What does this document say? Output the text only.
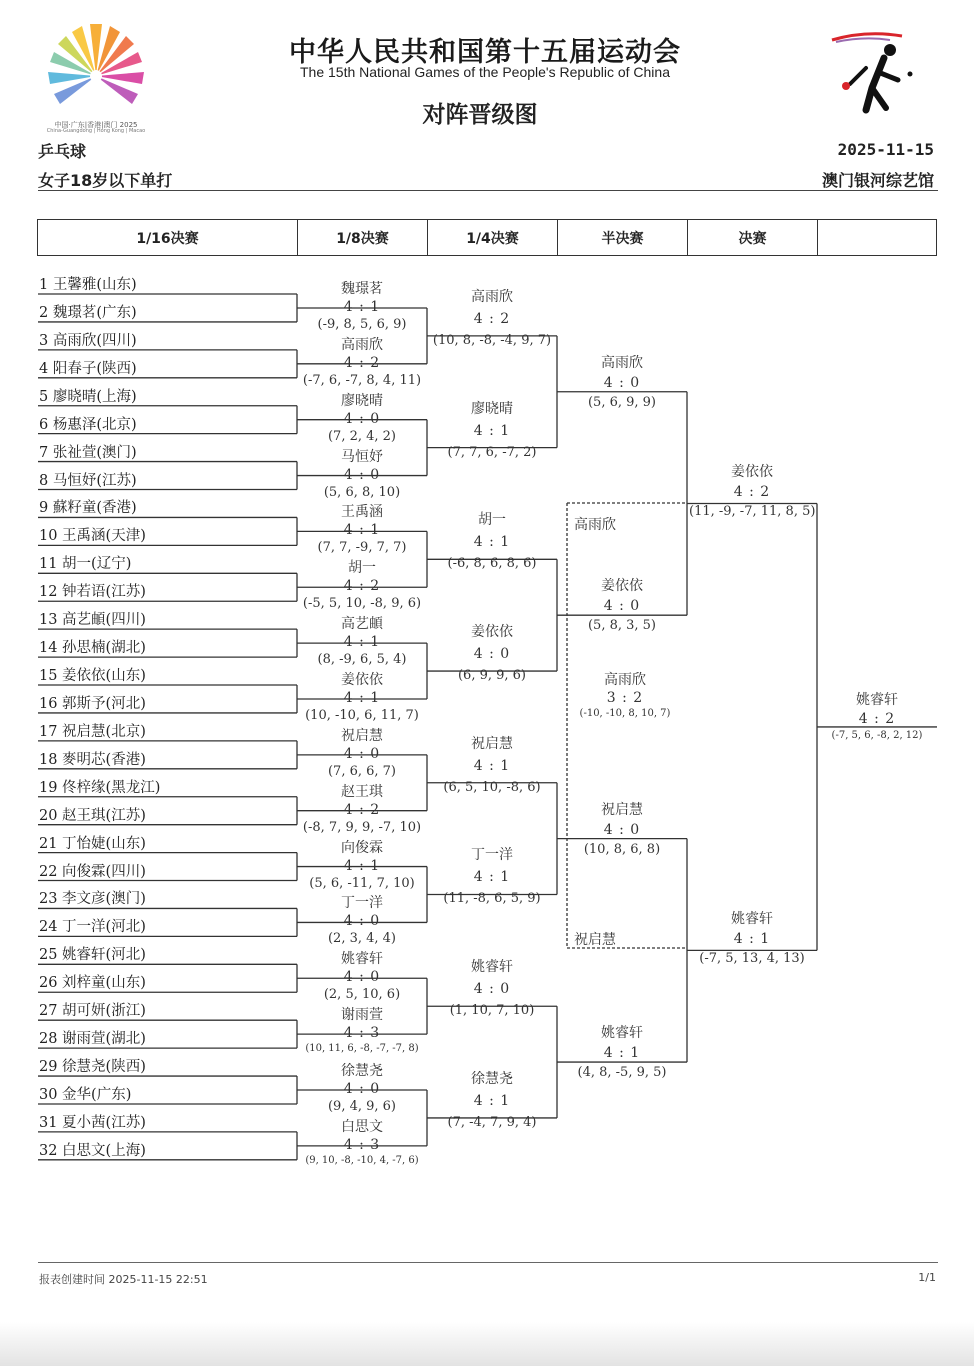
中国·广东|香港|澳门 2025
China-Guangdong | Hong Kong | Macao
中华人民共和国第十五届运动会
The 15th National Games of the People's Republic of China
对阵晋级图
乒乓球
女子18岁以下单打
2025-11-15
澳门银河综艺馆
1/16决赛	1/8决赛	1/4决赛	半决赛	决赛
1 王馨雅(山东)
2 魏璟茗(广东)
3 高雨欣(四川)
4 阳春子(陕西)
5 廖晓晴(上海)
6 杨惠泽(北京)
7 张祉萱(澳门)
8 马恒妤(江苏)
9 蘇籽童(香港)
10 王禹涵(天津)
11 胡一(辽宁)
12 钟若语(江苏)
13 高艺頔(四川)
14 孙思楠(湖北)
15 姜依依(山东)
16 郭斯予(河北)
17 祝启慧(北京)
18 麥明芯(香港)
19 佟梓缘(黑龙江)
20 赵王琪(江苏)
21 丁怡婕(山东)
22 向俊霖(四川)
23 李文彦(澳门)
24 丁一洋(河北)
25 姚睿轩(河北)
26 刘梓童(山东)
27 胡可妍(浙江)
28 谢雨萱(湖北)
29 徐慧尧(陕西)
30 金华(广东)
31 夏小茜(江苏)
32 白思文(上海)
魏璟茗
4 : 1
(-9, 8, 5, 6, 9)
高雨欣
4 : 2
(-7, 6, -7, 8, 4, 11)
廖晓晴
4 : 0
(7, 2, 4, 2)
马恒妤
4 : 0
(5, 6, 8, 10)
王禹涵
4 : 1
(7, 7, -9, 7, 7)
胡一
4 : 2
(-5, 5, 10, -8, 9, 6)
高艺頔
4 : 1
(8, -9, 6, 5, 4)
姜依依
4 : 1
(10, -10, 6, 11, 7)
祝启慧
4 : 0
(7, 6, 6, 7)
赵王琪
4 : 2
(-8, 7, 9, 9, -7, 10)
向俊霖
4 : 1
(5, 6, -11, 7, 10)
丁一洋
4 : 0
(2, 3, 4, 4)
姚睿轩
4 : 0
(2, 5, 10, 6)
谢雨萱
4 : 3
(10, 11, 6, -8, -7, -7, 8)
徐慧尧
4 : 0
(9, 4, 9, 6)
白思文
4 : 3
(9, 10, -8, -10, 4, -7, 6)
高雨欣
4 : 2
(10, 8, -8, -4, 9, 7)
廖晓晴
4 : 1
(7, 7, 6, -7, 2)
胡一
4 : 1
(-6, 8, 6, 8, 6)
姜依依
4 : 0
(6, 9, 9, 6)
祝启慧
4 : 1
(6, 5, 10, -8, 6)
丁一洋
4 : 1
(11, -8, 6, 5, 9)
姚睿轩
4 : 0
(1, 10, 7, 10)
徐慧尧
4 : 1
(7, -4, 7, 9, 4)
高雨欣
4 : 0
(5, 6, 9, 9)
姜依依
4 : 0
(5, 8, 3, 5)
祝启慧
4 : 0
(10, 8, 6, 8)
姚睿轩
4 : 1
(4, 8, -5, 9, 5)
姜依依
4 : 2
(11, -9, -7, 11, 8, 5)
姚睿轩
4 : 1
(-7, 5, 13, 4, 13)
姚睿轩
4 : 2
(-7, 5, 6, -8, 2, 12)
高雨欣
祝启慧
高雨欣
3 : 2
(-10, -10, 8, 10, 7)
报表创建时间 2025-11-15 22:51	1/1
